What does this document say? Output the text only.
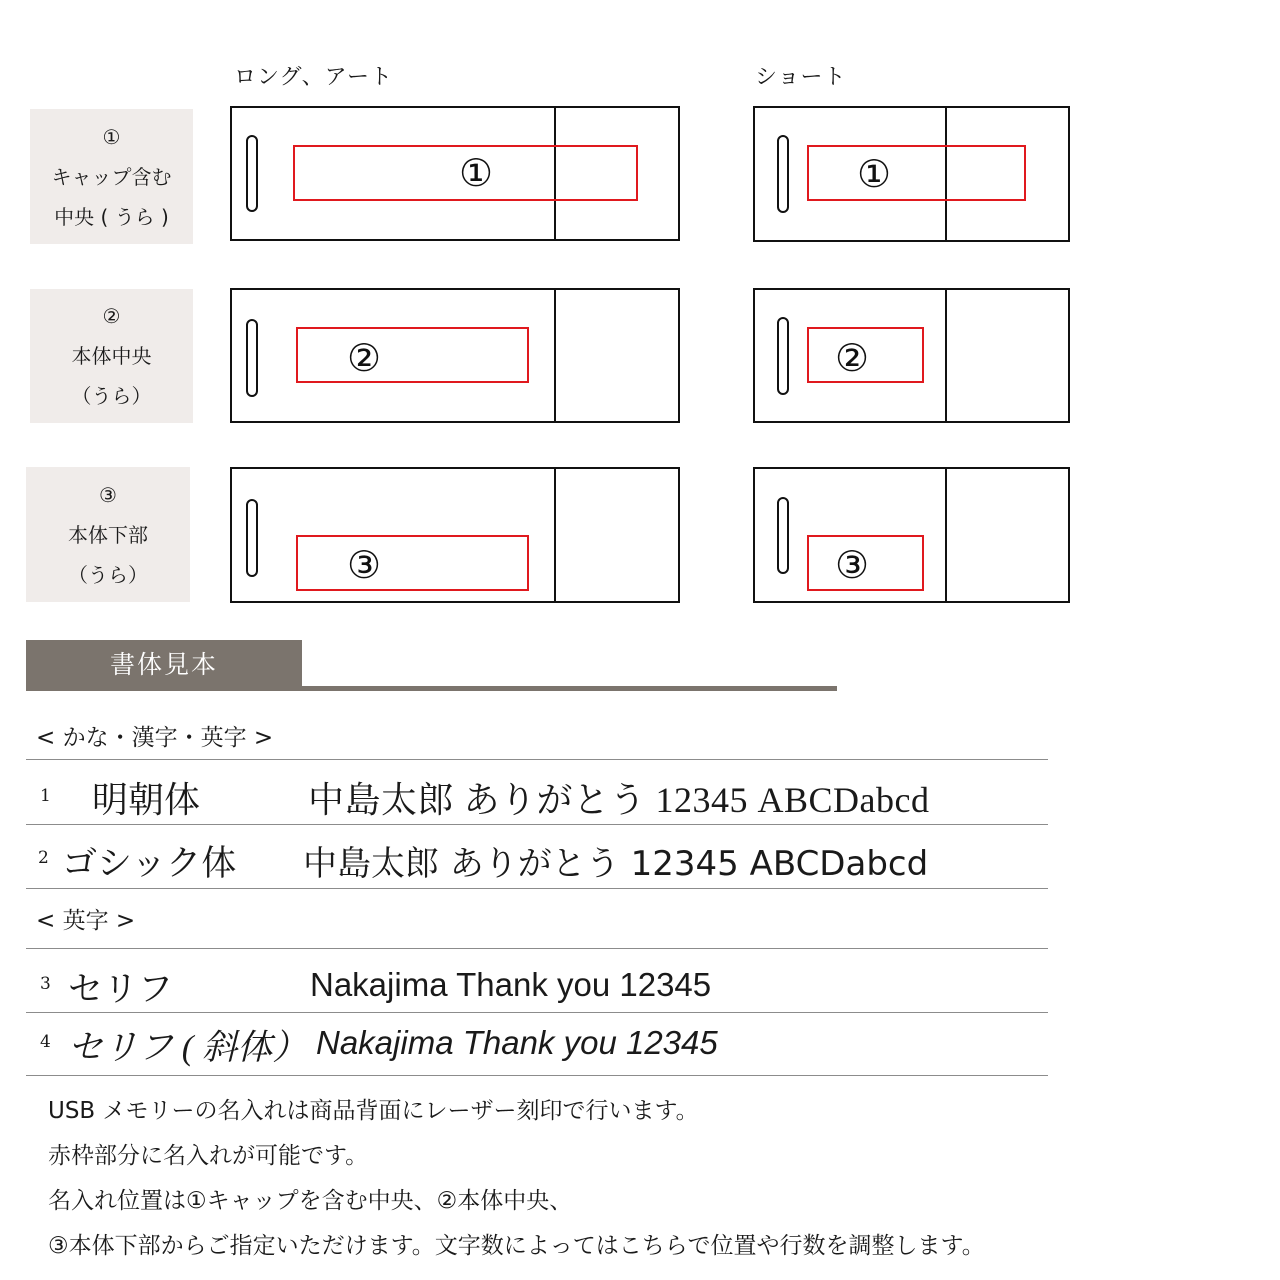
ロング、アート	ショート
①
キャップ含む
中央 ( うら )
②
本体中央
（うら）
③
本体下部
（うら）
①
②
③
①
②
③
書体見本
< かな・漢字・英字 >
1 明朝体	中島太郎 ありがとう 12345 ABCDabcd
2 ゴシック体 中島太郎 ありがとう 12345 ABCDabcd
< 英字 >
3 セリフ	Nakajima Thank you 12345
4 セリフ ( 斜体） Nakajima Thank you 12345
USB メモリーの名入れは商品背面にレーザー刻印で行います。
赤枠部分に名入れが可能です。
名入れ位置は①キャップを含む中央、②本体中央、
③本体下部からご指定いただけます。文字数によってはこちらで位置や行数を調整します。
